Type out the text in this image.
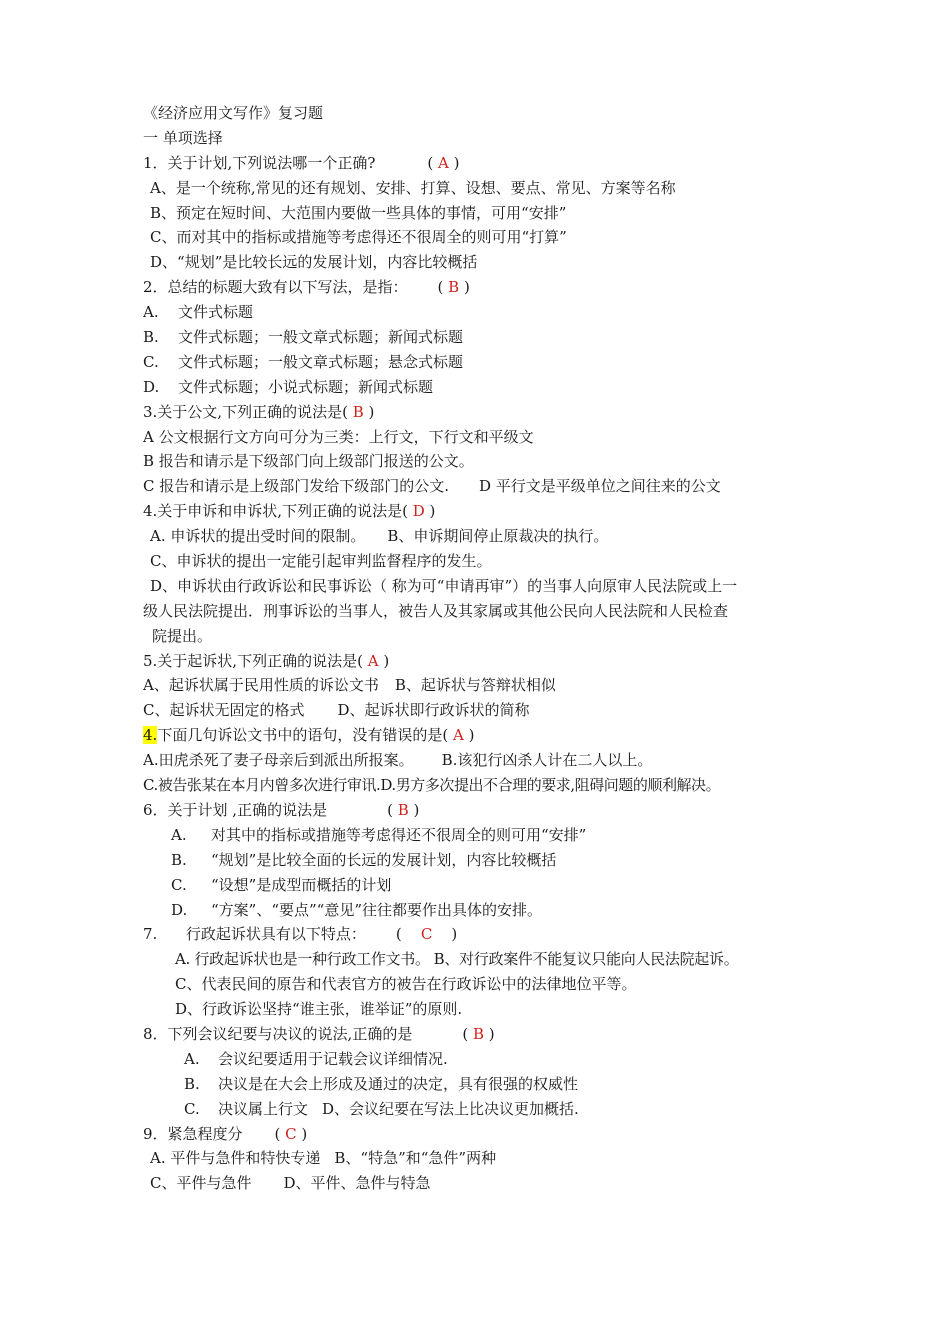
《经济应用文写作》复习题
一 单项选择
1．关于计划,下列说法哪一个正确?	( A )
A、是一个统称,常见的还有规划、安排、打算、设想、要点、常见、方案等名称
B、预定在短时间、大范围内要做一些具体的事情，可用“安排”
C、而对其中的指标或措施等考虑得还不很周全的则可用“打算”
D、“规划”是比较长远的发展计划，内容比较概括
2．总结的标题大致有以下写法，是指： ( B )
A. 文件式标题
B. 文件式标题；一般文章式标题；新闻式标题
C. 文件式标题；一般文章式标题；悬念式标题
D. 文件式标题；小说式标题；新闻式标题
3.关于公文,下列正确的说法是( B )
A 公文根据行文方向可分为三类：上行文，下行文和平级文
B 报告和请示是下级部门向上级部门报送的公文。
C 报告和请示是上级部门发给下级部门的公文. D 平行文是平级单位之间往来的公文
4.关于申诉和申诉状,下列正确的说法是( D )
A. 申诉状的提出受时间的限制。 B、申诉期间停止原裁决的执行。
C、申诉状的提出一定能引起审判监督程序的发生。
D、申诉状由行政诉讼和民事诉讼（ 称为可“申请再审”）的当事人向原审人民法院或上一
级人民法院提出．刑事诉讼的当事人，被告人及其家属或其他公民向人民法院和人民检查
院提出。
5.关于起诉状,下列正确的说法是( A )
A、起诉状属于民用性质的诉讼文书 B、起诉状与答辩状相似
C、起诉状无固定的格式 D、起诉状即行政诉状的简称
4.下面几句诉讼文书中的语句，没有错误的是( A )
A.田虎杀死了妻子母亲后到派出所报案。 B.该犯行凶杀人计在二人以上。
C.被告张某在本月内曾多次进行审讯.D.男方多次提出不合理的要求,阻碍问题的顺利解决。
6．关于计划 ,正确的说法是	( B )
A. 对其中的指标或措施等考虑得还不很周全的则可用“安排”
B. “规划”是比较全面的长远的发展计划，内容比较概括
C. “设想”是成型而概括的计划
D. “方案”、“要点”“意见”往往都要作出具体的安排。
7.      行政起诉状具有以下特点： (    C    )
A. 行政起诉状也是一种行政工作文书。 B、对行政案件不能复议只能向人民法院起诉。
C、代表民间的原告和代表官方的被告在行政诉讼中的法律地位平等。
D、行政诉讼坚持“谁主张，谁举证”的原则.
8．下列会议纪要与决议的说法,正确的是	( B )
A. 会议纪要适用于记载会议详细情况.
B. 决议是在大会上形成及通过的决定，具有很强的权威性
C. 决议属上行文 D、会议纪要在写法上比决议更加概括.
9．紧急程度分 ( C )
A. 平件与急件和特快专递 B、“特急”和“急件”两种
C、平件与急件 D、平件、急件与特急
